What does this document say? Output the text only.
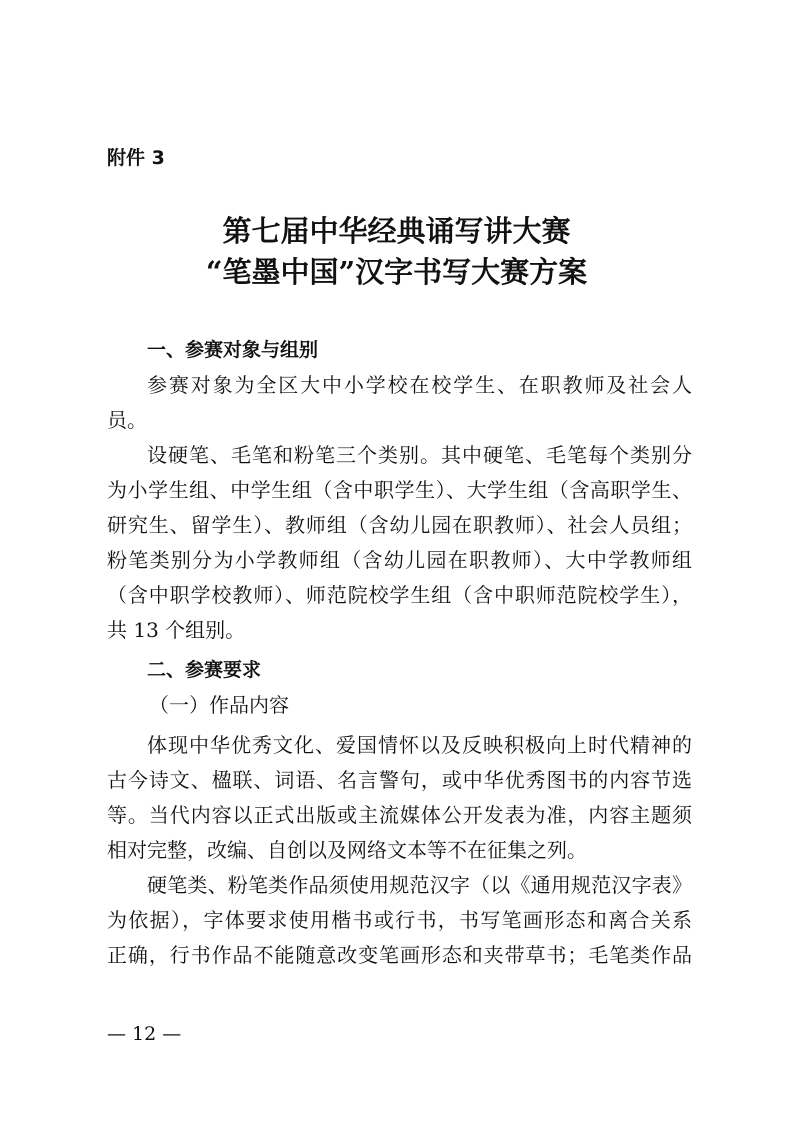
附件 3
第七届中华经典诵写讲大赛
“笔墨中国”汉字书写大赛方案
一、参赛对象与组别
参赛对象为全区大中小学校在校学生、在职教师及社会人
员。
设硬笔、毛笔和粉笔三个类别。其中硬笔、毛笔每个类别分
为小学生组、中学生组（含中职学生）、大学生组（含高职学生、
研究生、留学生）、教师组（含幼儿园在职教师）、社会人员组；
粉笔类别分为小学教师组（含幼儿园在职教师）、大中学教师组
（含中职学校教师）、师范院校学生组（含中职师范院校学生），
共 13 个组别。
二、参赛要求
（一）作品内容
体现中华优秀文化、爱国情怀以及反映积极向上时代精神的
古今诗文、楹联、词语、名言警句，或中华优秀图书的内容节选
等。当代内容以正式出版或主流媒体公开发表为准，内容主题须
相对完整，改编、自创以及网络文本等不在征集之列。
硬笔类、粉笔类作品须使用规范汉字（以《通用规范汉字表》
为依据），字体要求使用楷书或行书，书写笔画形态和离合关系
正确，行书作品不能随意改变笔画形态和夹带草书；毛笔类作品
— 12 —
